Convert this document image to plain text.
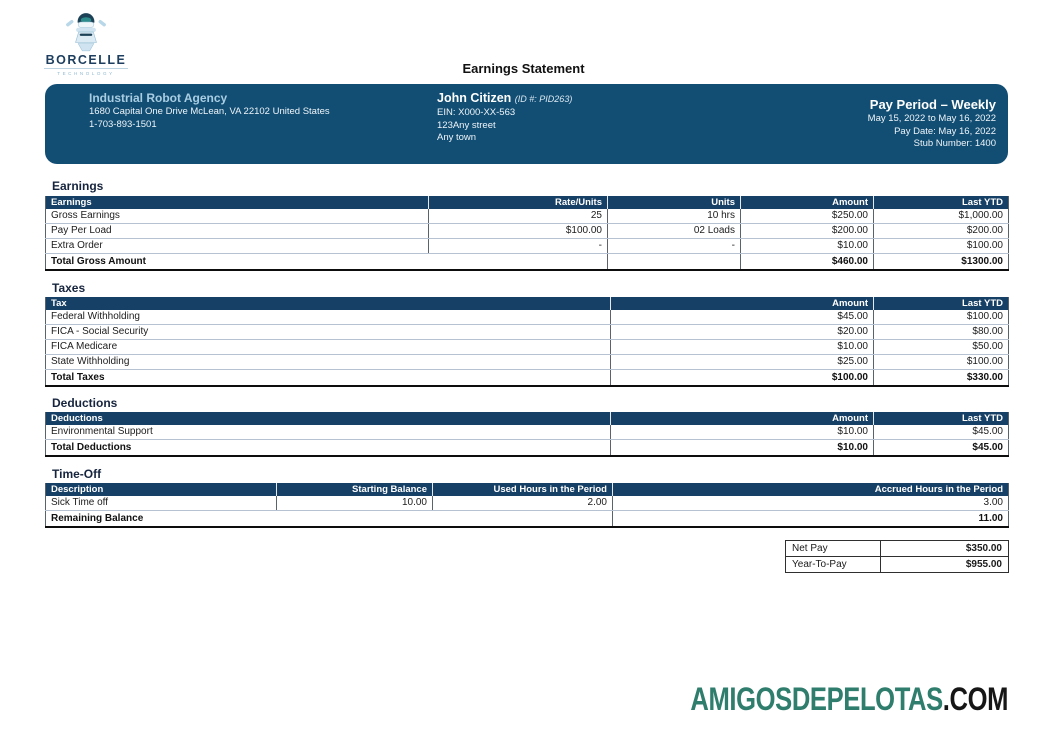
BORCELLE
TECHNOLOGY	Earnings Statement
Industrial Robot Agency
1680 Capital One Drive McLean, VA 22102 United States
1-703-893-1501
John Citizen (ID #: PID263)
EIN: X000-XX-563
123Any street
Any town
Pay Period – Weekly
May 15, 2022 to May 16, 2022
Pay Date: May 16, 2022
Stub Number: 1400
Earnings
Earnings	Rate/Units	Units	Amount	Last YTD
Gross Earnings	25	10 hrs	$250.00	$1,000.00
Pay Per Load	$100.00	02 Loads	$200.00	$200.00
Extra Order	-	-	$10.00	$100.00
Total Gross Amount			$460.00	$1300.00
Taxes
Tax	Amount	Last YTD
Federal Withholding	$45.00	$100.00
FICA - Social Security	$20.00	$80.00
FICA Medicare	$10.00	$50.00
State Withholding	$25.00	$100.00
Total Taxes	$100.00	$330.00
Deductions
Deductions	Amount	Last YTD
Environmental Support	$10.00	$45.00
Total Deductions	$10.00	$45.00
Time-Off
Description	Starting Balance	Used Hours in the Period	Accrued Hours in the Period
Sick Time off	10.00	2.00	3.00
Remaining Balance			11.00
Net Pay	$350.00
Year-To-Pay	$955.00
AMIGOSDEPELOTAS.COM
